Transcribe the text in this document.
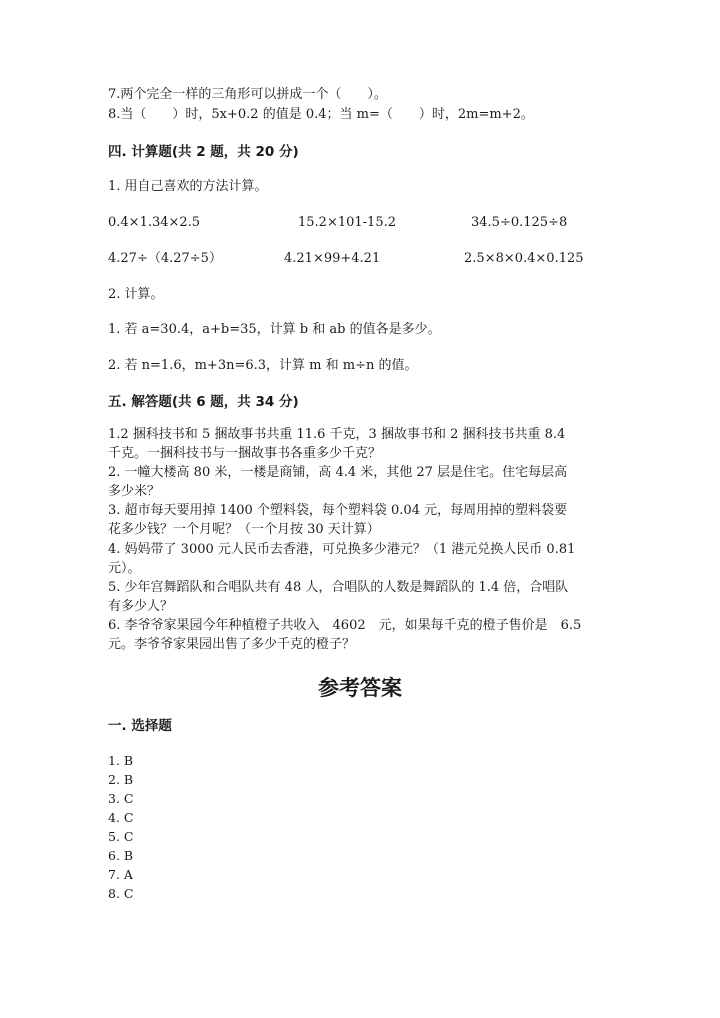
7.两个完全一样的三角形可以拼成一个（　　）。

8.当（　　）时，5x+0.2 的值是 0.4；当 m=（　　）时，2m=m+2。

四. 计算题(共 2 题，共 20 分)

1. 用自己喜欢的方法计算。

0.4×1.34×2.5	15.2×101-15.2	34.5÷0.125÷8
4.27÷（4.27÷5）	4.21×99+4.21	2.5×8×0.4×0.125

2. 计算。

1. 若 a=30.4，a+b=35，计算 b 和 ab 的值各是多少。

2. 若 n=1.6，m+3n=6.3，计算 m 和 m÷n 的值。

五. 解答题(共 6 题，共 34 分)

1.2 捆科技书和 5 捆故事书共重 11.6 千克，3 捆故事书和 2 捆科技书共重 8.4

千克。一捆科技书与一捆故事书各重多少千克？

2. 一幢大楼高 80 米，一楼是商铺，高 4.4 米，其他 27 层是住宅。住宅每层高

多少米？

3. 超市每天要用掉 1400 个塑料袋，每个塑料袋 0.04 元，每周用掉的塑料袋要

花多少钱？一个月呢？（一个月按 30 天计算）

4. 妈妈带了 3000 元人民币去香港，可兑换多少港元？（1 港元兑换人民币 0.81

元）。

5. 少年宫舞蹈队和合唱队共有 48 人，合唱队的人数是舞蹈队的 1.4 倍，合唱队

有多少人？

6. 李爷爷家果园今年种植橙子共收入　4602　元，如果每千克的橙子售价是　6.5

元。李爷爷家果园出售了多少千克的橙子？

参考答案

一. 选择题

1. B
2. B
3. C
4. C
5. C
6. B
7. A
8. C
